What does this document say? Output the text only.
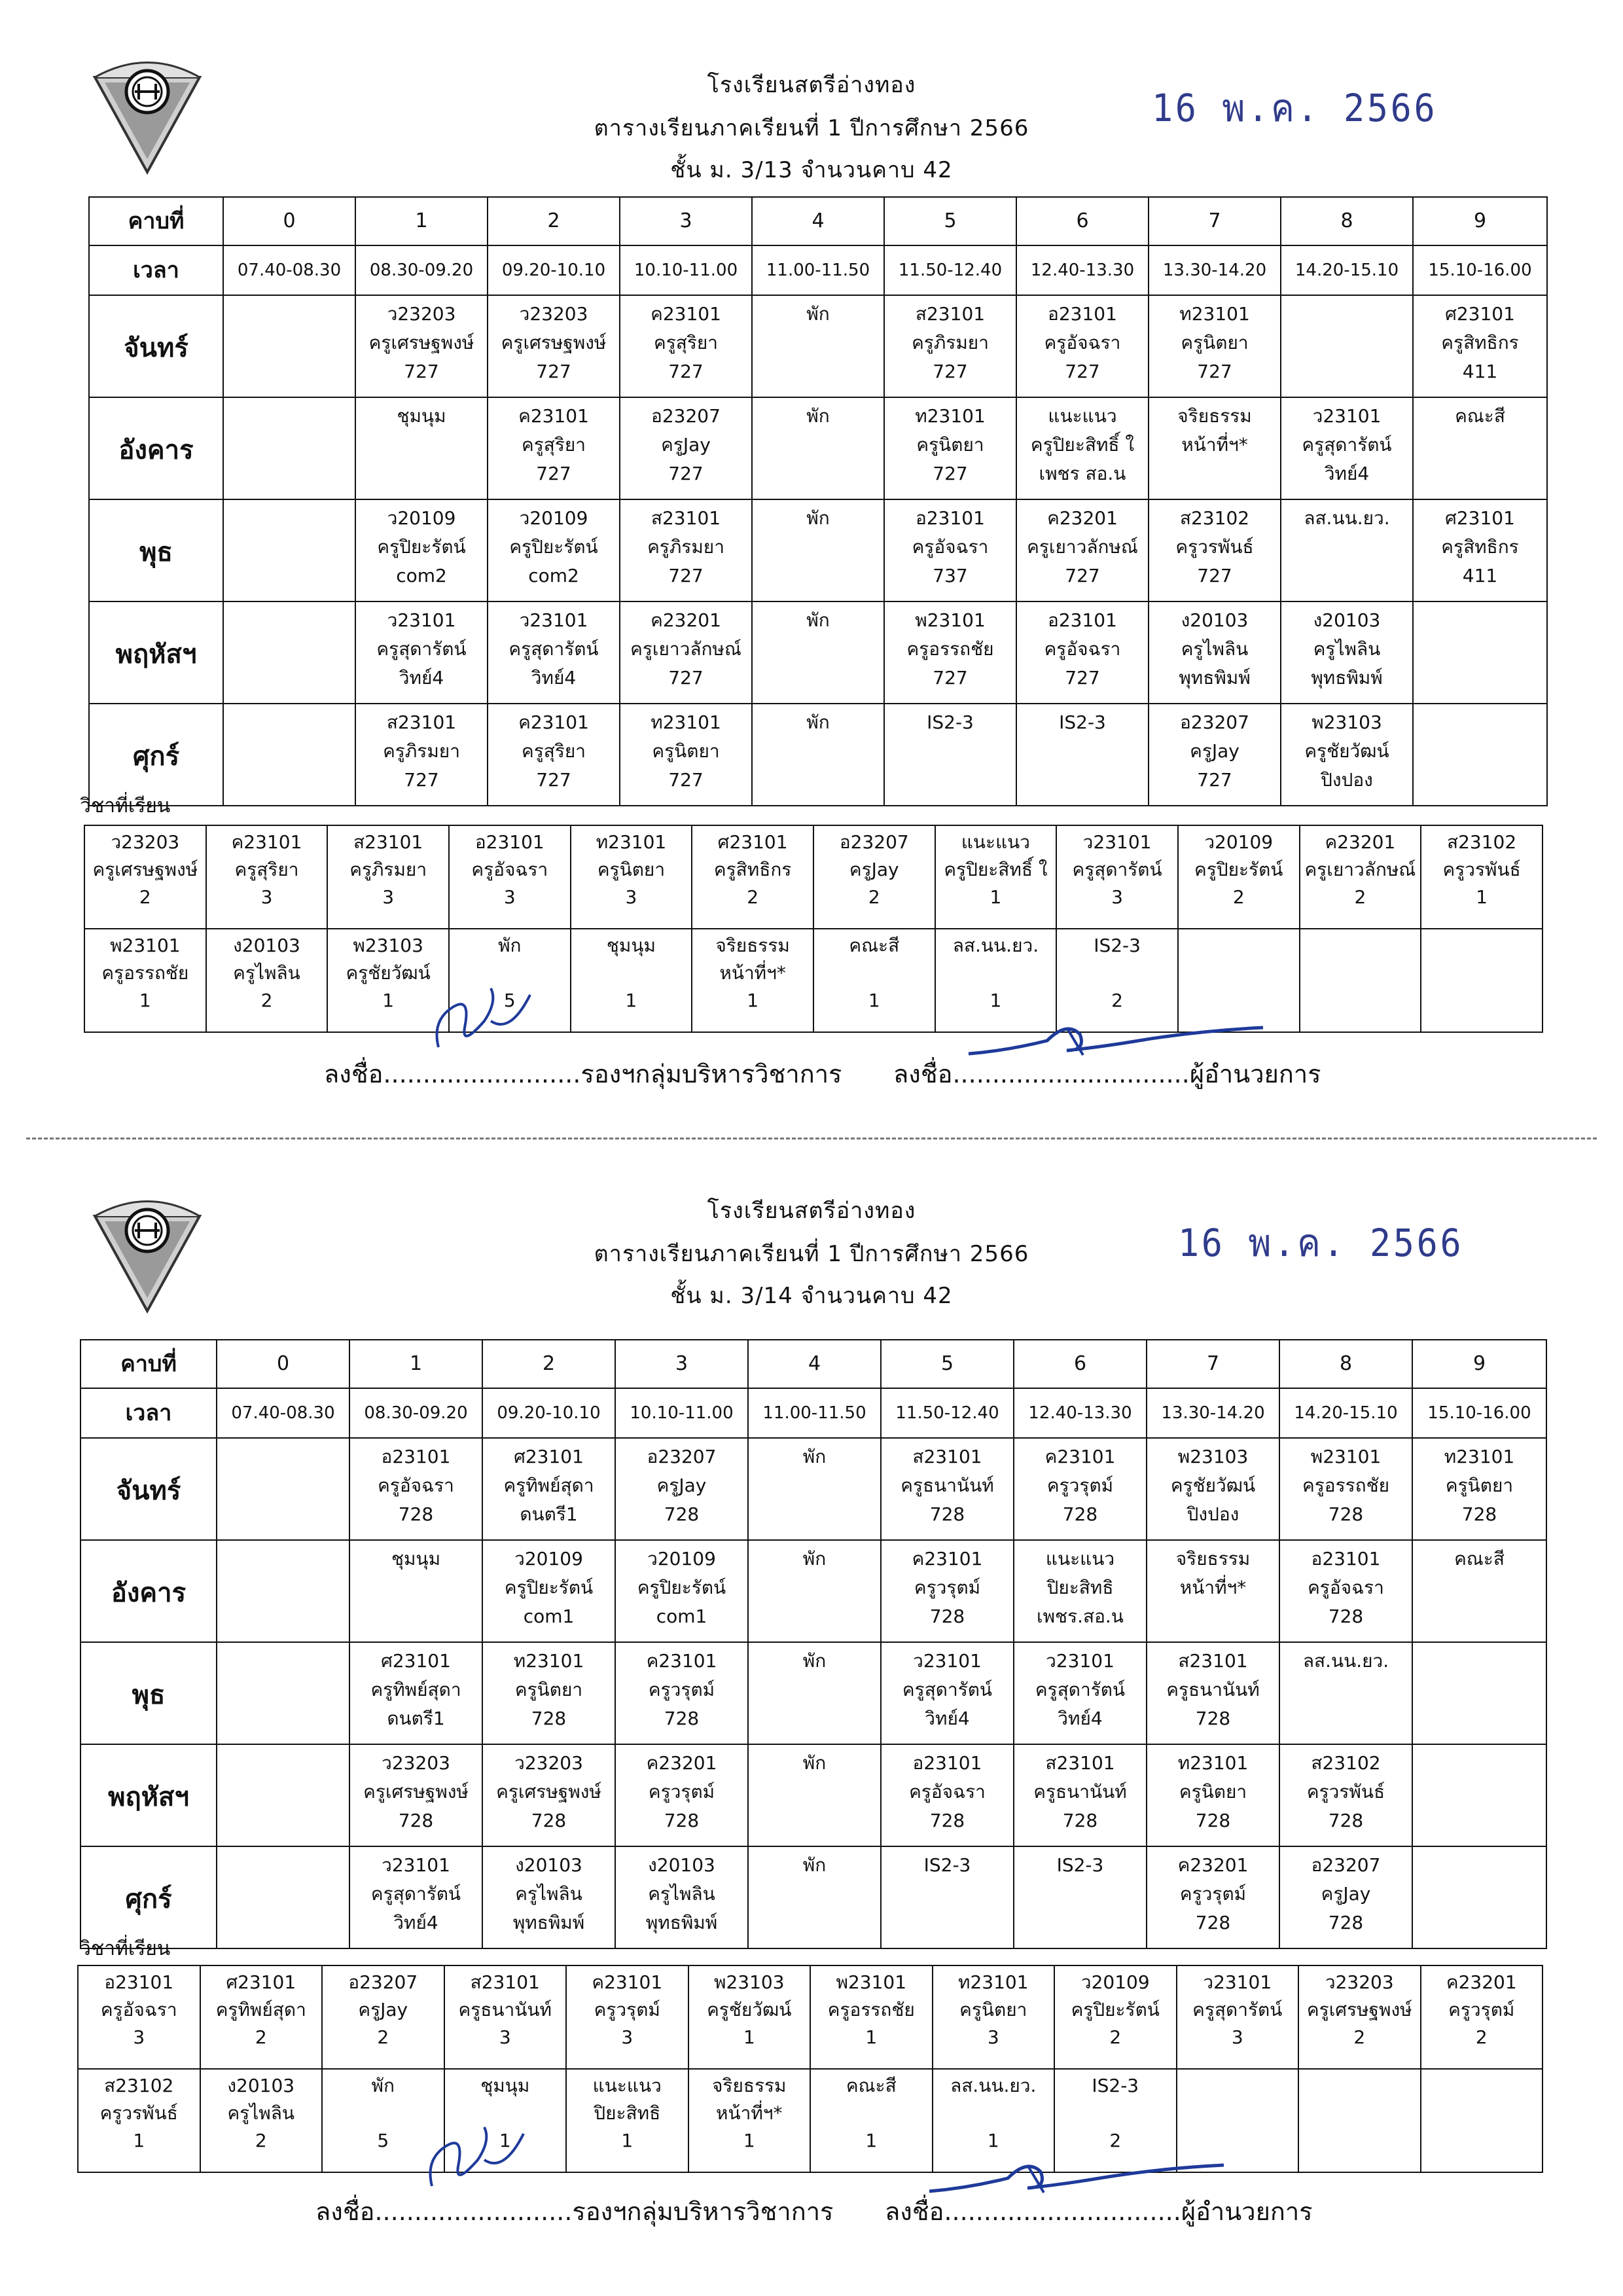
โรงเรียนสตรีอ่างทอง
ตารางเรียนภาคเรียนที่ 1 ปีการศึกษา 2566
ชั้น ม. 3/13 จำนวนคาบ 42
16 พ.ค. 2566
คาบที่	0	1	2	3	4	5	6	7	8	9
เวลา	07.40-08.30	08.30-09.20	09.20-10.10	10.10-11.00	11.00-11.50	11.50-12.40	12.40-13.30	13.30-14.20	14.20-15.10	15.10-16.00
จันทร์		ว23203
ครูเศรษฐพงษ์
727	ว23203
ครูเศรษฐพงษ์
727	ค23101
ครูสุริยา
727	พัก	ส23101
ครูภิรมยา
727	อ23101
ครูอัจฉรา
727	ท23101
ครูนิตยา
727		ศ23101
ครูสิทธิกร
411
อังคาร		ชุมนุม	ค23101
ครูสุริยา
727	อ23207
ครูJay
727	พัก	ท23101
ครูนิตยา
727	แนะแนว
ครูปิยะสิทธิ์ ใ
เพชร สอ.น	จริยธรรม
หน้าที่ฯ*	ว23101
ครูสุดารัตน์
วิทย์4	คณะสี
พุธ		ว20109
ครูปิยะรัตน์
com2	ว20109
ครูปิยะรัตน์
com2	ส23101
ครูภิรมยา
727	พัก	อ23101
ครูอัจฉรา
737	ค23201
ครูเยาวลักษณ์
727	ส23102
ครูวรพันธ์
727	ลส.นน.ยว.	ศ23101
ครูสิทธิกร
411
พฤหัสฯ		ว23101
ครูสุดารัตน์
วิทย์4	ว23101
ครูสุดารัตน์
วิทย์4	ค23201
ครูเยาวลักษณ์
727	พัก	พ23101
ครูอรรถชัย
727	อ23101
ครูอัจฉรา
727	ง20103
ครูไพลิน
พุทธพิมพ์	ง20103
ครูไพลิน
พุทธพิมพ์	
ศุกร์		ส23101
ครูภิรมยา
727	ค23101
ครูสุริยา
727	ท23101
ครูนิตยา
727	พัก	IS2-3	IS2-3	อ23207
ครูJay
727	พ23103
ครูชัยวัฒน์
ปิงปอง	
วิชาที่เรียน
ว23203
ครูเศรษฐพงษ์
2	ค23101
ครูสุริยา
3	ส23101
ครูภิรมยา
3	อ23101
ครูอัจฉรา
3	ท23101
ครูนิตยา
3	ศ23101
ครูสิทธิกร
2	อ23207
ครูJay
2	แนะแนว
ครูปิยะสิทธิ์ ใ
1	ว23101
ครูสุดารัตน์
3	ว20109
ครูปิยะรัตน์
2	ค23201
ครูเยาวลักษณ์
2	ส23102
ครูวรพันธ์
1
พ23101
ครูอรรถชัย
1	ง20103
ครูไพลิน
2	พ23103
ครูชัยวัฒน์
1	พัก

5	ชุมนุม

1	จริยธรรม
หน้าที่ฯ*
1	คณะสี

1	ลส.นน.ยว.

1	IS2-3

2			
ลงชื่อ.........................รองฯกลุ่มบริหารวิชาการ ลงชื่อ..............................ผู้อำนวยการ
โรงเรียนสตรีอ่างทอง
ตารางเรียนภาคเรียนที่ 1 ปีการศึกษา 2566
ชั้น ม. 3/14 จำนวนคาบ 42
16 พ.ค. 2566
คาบที่	0	1	2	3	4	5	6	7	8	9
เวลา	07.40-08.30	08.30-09.20	09.20-10.10	10.10-11.00	11.00-11.50	11.50-12.40	12.40-13.30	13.30-14.20	14.20-15.10	15.10-16.00
จันทร์		อ23101
ครูอัจฉรา
728	ศ23101
ครูทิพย์สุดา
ดนตรี1	อ23207
ครูJay
728	พัก	ส23101
ครูธนานันท์
728	ค23101
ครูวรุตม์
728	พ23103
ครูชัยวัฒน์
ปิงปอง	พ23101
ครูอรรถชัย
728	ท23101
ครูนิตยา
728
อังคาร		ชุมนุม	ว20109
ครูปิยะรัตน์
com1	ว20109
ครูปิยะรัตน์
com1	พัก	ค23101
ครูวรุตม์
728	แนะแนว
ปิยะสิทธิ
เพชร.สอ.น	จริยธรรม
หน้าที่ฯ*	อ23101
ครูอัจฉรา
728	คณะสี
พุธ		ศ23101
ครูทิพย์สุดา
ดนตรี1	ท23101
ครูนิตยา
728	ค23101
ครูวรุตม์
728	พัก	ว23101
ครูสุดารัตน์
วิทย์4	ว23101
ครูสุดารัตน์
วิทย์4	ส23101
ครูธนานันท์
728	ลส.นน.ยว.	
พฤหัสฯ		ว23203
ครูเศรษฐพงษ์
728	ว23203
ครูเศรษฐพงษ์
728	ค23201
ครูวรุตม์
728	พัก	อ23101
ครูอัจฉรา
728	ส23101
ครูธนานันท์
728	ท23101
ครูนิตยา
728	ส23102
ครูวรพันธ์
728	
ศุกร์		ว23101
ครูสุดารัตน์
วิทย์4	ง20103
ครูไพลิน
พุทธพิมพ์	ง20103
ครูไพลิน
พุทธพิมพ์	พัก	IS2-3	IS2-3	ค23201
ครูวรุตม์
728	อ23207
ครูJay
728	
วิชาที่เรียน
อ23101
ครูอัจฉรา
3	ศ23101
ครูทิพย์สุดา
2	อ23207
ครูJay
2	ส23101
ครูธนานันท์
3	ค23101
ครูวรุตม์
3	พ23103
ครูชัยวัฒน์
1	พ23101
ครูอรรถชัย
1	ท23101
ครูนิตยา
3	ว20109
ครูปิยะรัตน์
2	ว23101
ครูสุดารัตน์
3	ว23203
ครูเศรษฐพงษ์
2	ค23201
ครูวรุตม์
2
ส23102
ครูวรพันธ์
1	ง20103
ครูไพลิน
2	พัก

5	ชุมนุม

1	แนะแนว
ปิยะสิทธิ
1	จริยธรรม
หน้าที่ฯ*
1	คณะสี

1	ลส.นน.ยว.

1	IS2-3

2			
ลงชื่อ.........................รองฯกลุ่มบริหารวิชาการ ลงชื่อ..............................ผู้อำนวยการ
